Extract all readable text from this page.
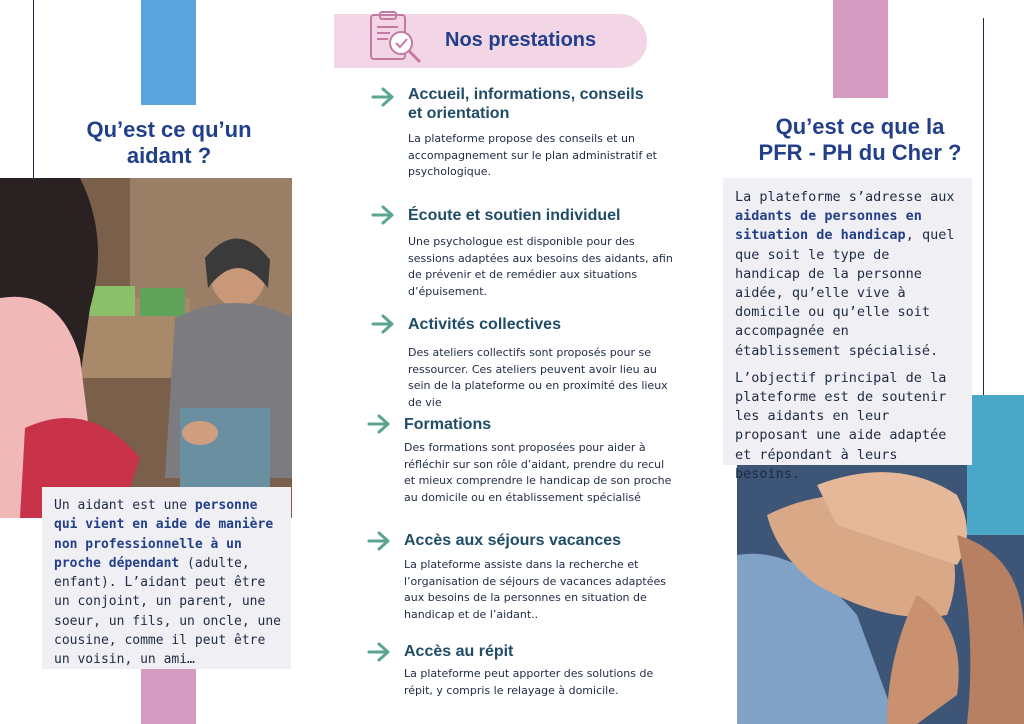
Qu’est ce qu’un
aidant ?

Un aidant est une personne qui vient en aide de manière non professionnelle à un proche dépendant (adulte, enfant). L’aidant peut être un conjoint, un parent, une soeur, un fils, un oncle, une cousine, comme il peut être un voisin, un ami…

Nos prestations
Accueil, informations, conseils et orientation
La plateforme propose des conseils et un accompagnement sur le plan administratif et psychologique.
Écoute et soutien individuel
Une psychologue est disponible pour des sessions adaptées aux besoins des aidants, afin de prévenir et de remédier aux situations d’épuisement.
Activités collectives
Des ateliers collectifs sont proposés pour se ressourcer. Ces ateliers peuvent avoir lieu au sein de la plateforme ou en proximité des lieux de vie
Formations
Des formations sont proposées pour aider à réfléchir sur son rôle d’aidant, prendre du recul et mieux comprendre le handicap de son proche au domicile ou en établissement spécialisé
Accès aux séjours vacances
La plateforme assiste dans la recherche et l’organisation de séjours de vacances adaptées aux besoins de la personnes en situation de handicap et de l’aidant..
Accès au répit
La plateforme peut apporter des solutions de répit, y compris le relayage à domicile.
Qu’est ce que la
PFR - PH du Cher ?

La plateforme s’adresse aux aidants de personnes en situation de handicap, quel que soit le type de handicap de la personne aidée, qu’elle vive à domicile ou qu’elle soit accompagnée en établissement spécialisé.

L’objectif principal de la plateforme est de soutenir les aidants en leur proposant une aide adaptée et répondant à leurs besoins.
